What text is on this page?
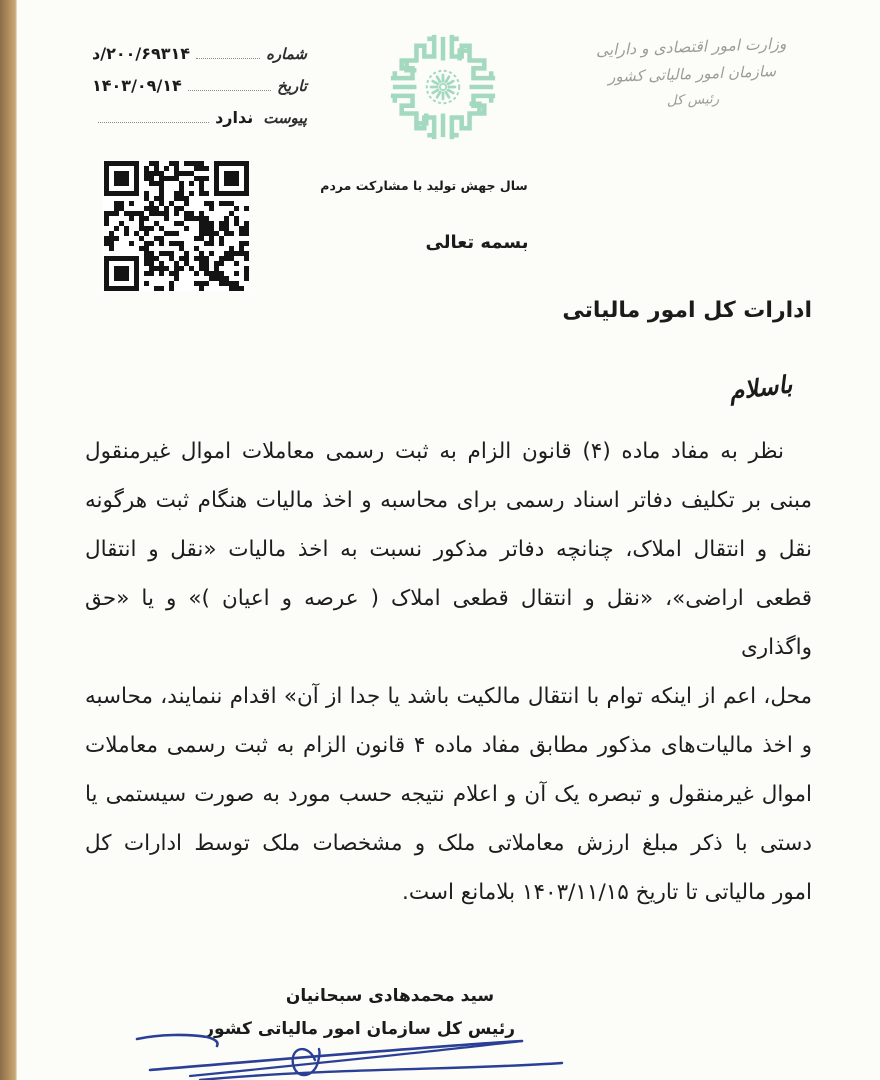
شماره
۲۰۰/۶۹۳۱۴/د
تاریخ
۱۴۰۳/۰۹/۱۴
پیوست
ندارد
وزارت امور اقتصادی و دارایی
سازمان امور مالیاتی کشور
رئیس کل
سال جهش تولید با مشارکت مردم
بسمه تعالی
ادارات کل امور مالیاتی
باسلام
نظر به مفاد ماده (۴) قانون الزام به ثبت رسمی معاملات اموال غیرمنقول
مبنی بر تکلیف دفاتر اسناد رسمی برای محاسبه و اخذ مالیات هنگام ثبت هرگونه
نقل و انتقال املاک، چنانچه دفاتر مذکور نسبت به اخذ مالیات «نقل و انتقال
قطعی اراضی»، «نقل و انتقال قطعی املاک ( عرصه و اعیان )» و یا «حق واگذاری
محل، اعم از اینکه توام با انتقال مالکیت باشد یا جدا از آن» اقدام ننمایند، محاسبه
و اخذ مالیات‌های مذکور مطابق مفاد ماده ۴ قانون الزام به ثبت رسمی معاملات
اموال غیرمنقول و تبصره یک آن و اعلام نتیجه حسب مورد به صورت سیستمی یا
دستی با ذکر مبلغ ارزش معاملاتی ملک و مشخصات ملک توسط ادارات کل
امور مالیاتی تا تاریخ ۱۴۰۳/۱۱/۱۵ بلامانع است.
سید محمدهادی سبحانیان
رئیس کل سازمان امور مالیاتی کشور
